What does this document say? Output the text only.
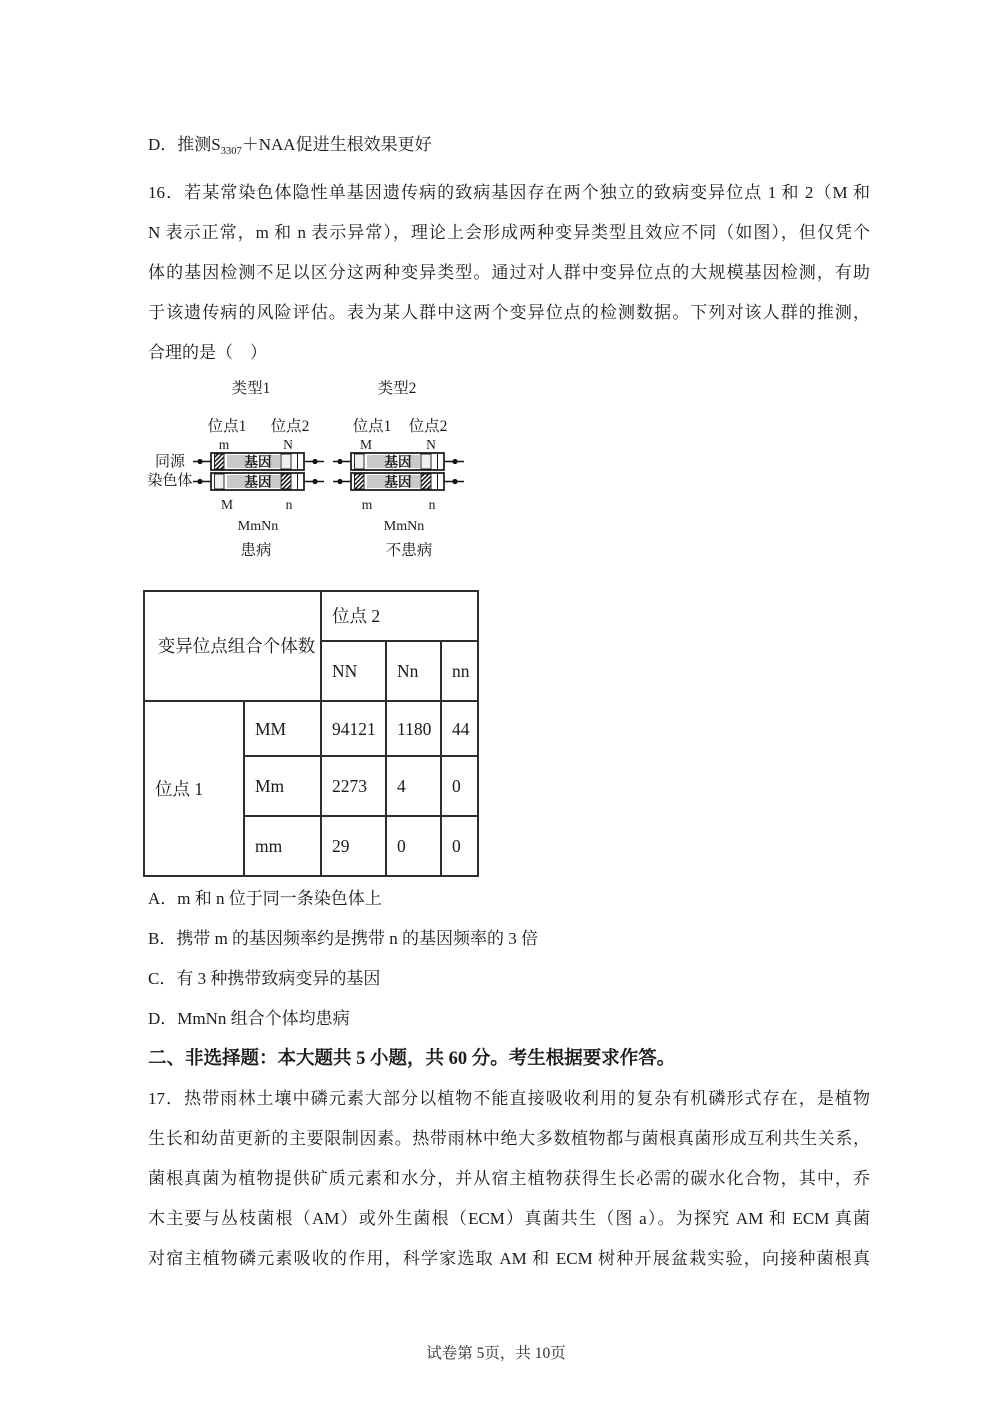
D．推测$S_{3307}+NAA$促进生根效果更好
16．若某常染色体隐性单基因遗传病的致病基因存在两个独立的致病变异位点 1 和 2（M 和
N 表示正常，m 和 n 表示异常），理论上会形成两种变异类型且效应不同（如图），但仅凭个
体的基因检测不足以区分这两种变异类型。通过对人群中变异位点的大规模基因检测，有助
于该遗传病的风险评估。表为某人群中这两个变异位点的检测数据。下列对该人群的推测，
合理的是（　）
类型1	类型2
位点1 位点2	位点1 位点2
同源
染色体
m	N
M	n
M	N
m	n
基因
基因
基因
基因
MmNn	MmNn
患病	不患病
变异位点组合个体数		位点 2		
		NN	Nn	nn
位点 1	MM	94121	1180	44
	Mm	2273	4	0
	mm	29	0	0
A．m 和 n 位于同一条染色体上
B．携带 m 的基因频率约是携带 n 的基因频率的 3 倍
C．有 3 种携带致病变异的基因
D．MmNn 组合个体均患病
二、非选择题：本大题共 5 小题，共 60 分。考生根据要求作答。
17．热带雨林土壤中磷元素大部分以植物不能直接吸收利用的复杂有机磷形式存在，是植物
生长和幼苗更新的主要限制因素。热带雨林中绝大多数植物都与菌根真菌形成互利共生关系，
菌根真菌为植物提供矿质元素和水分，并从宿主植物获得生长必需的碳水化合物，其中，乔
木主要与丛枝菌根（AM）或外生菌根（ECM）真菌共生（图 a）。为探究 AM 和 ECM 真菌
对宿主植物磷元素吸收的作用，科学家选取 AM 和 ECM 树种开展盆栽实验，向接种菌根真
试卷第 5页，共 10页
